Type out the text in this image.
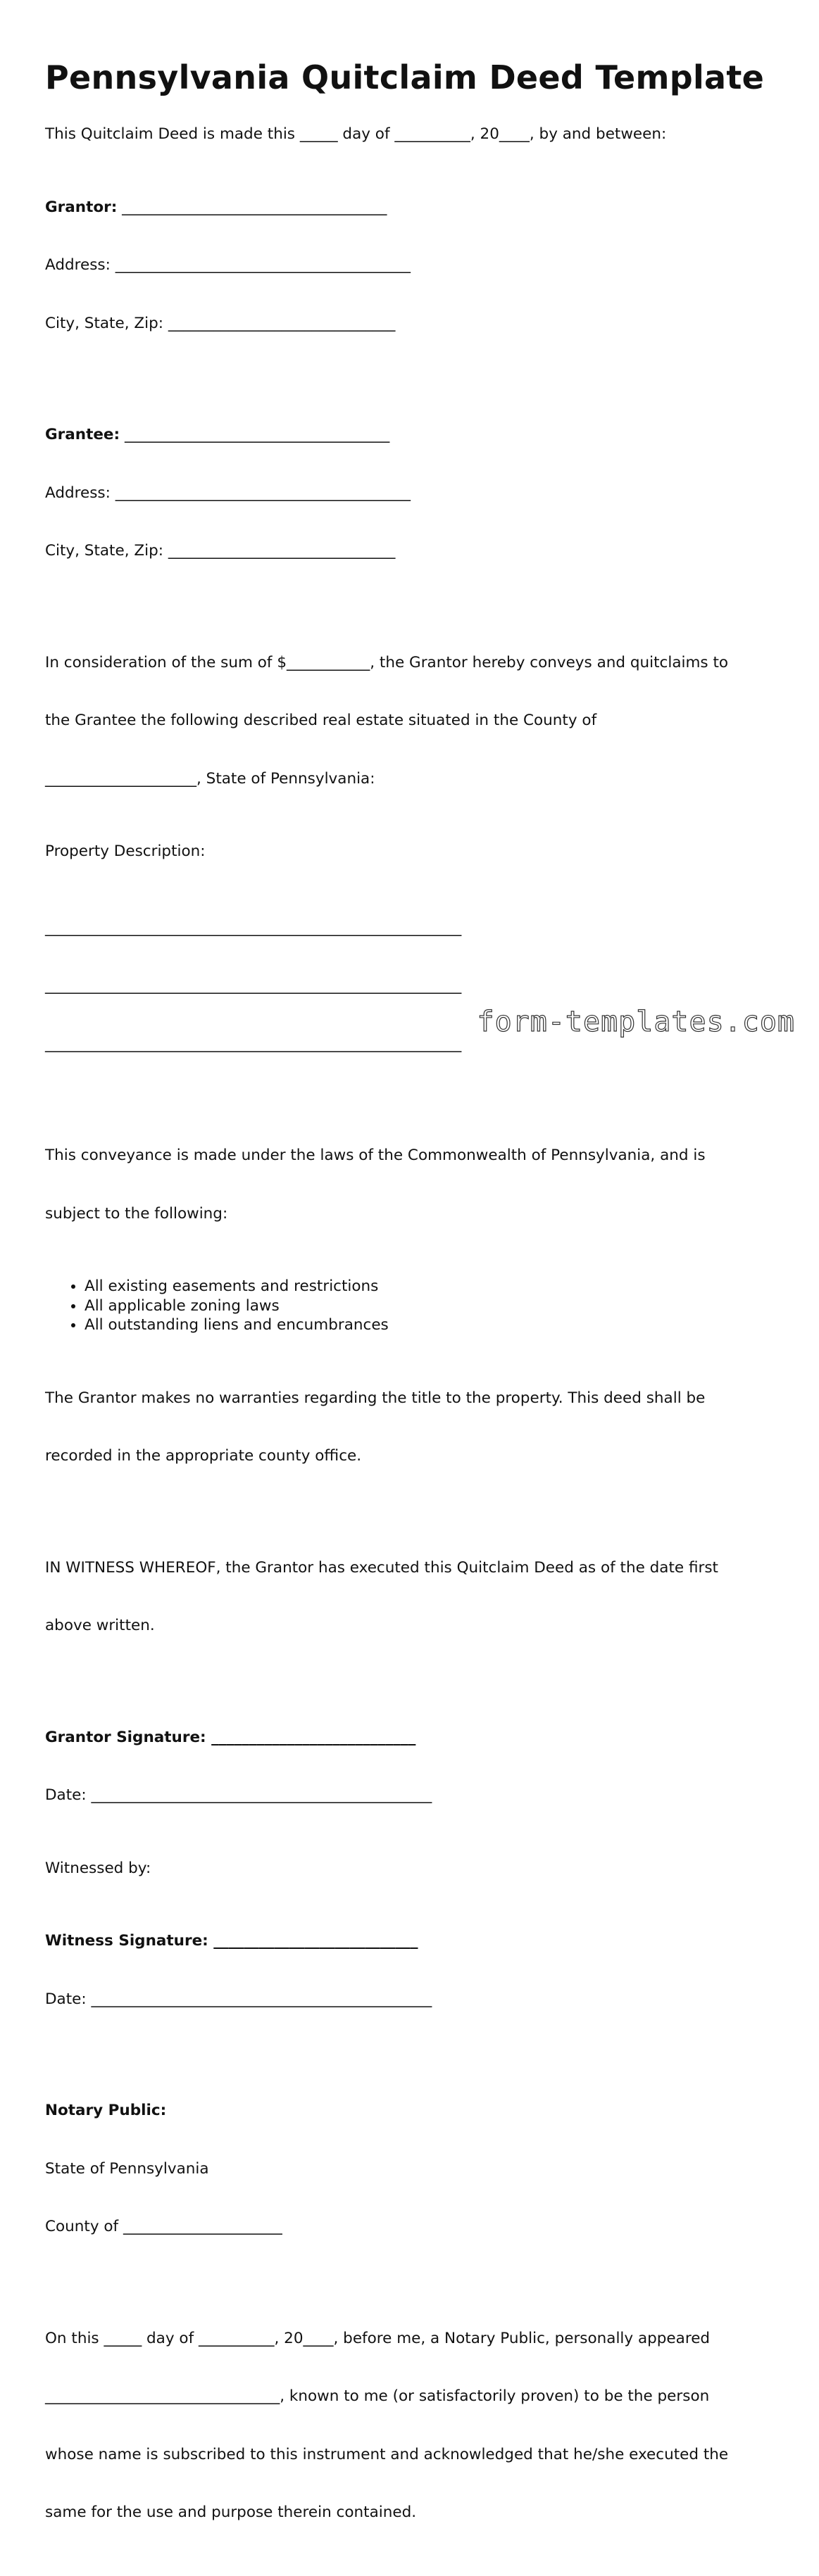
Pennsylvania Quitclaim Deed Template

This Quitclaim Deed is made this _____ day of __________, 20____, by and between:

Grantor: ___________________________________

Address: _______________________________________

City, State, Zip: ______________________________

Grantee: ___________________________________

Address: _______________________________________

City, State, Zip: ______________________________

In consideration of the sum of $___________, the Grantor hereby conveys and quitclaims to

the Grantee the following described real estate situated in the County of

____________________, State of Pennsylvania:

Property Description:

_______________________________________________________

_______________________________________________________

_______________________________________________________

This conveyance is made under the laws of the Commonwealth of Pennsylvania, and is

subject to the following:

• All existing easements and restrictions
• All applicable zoning laws
• All outstanding liens and encumbrances

The Grantor makes no warranties regarding the title to the property. This deed shall be

recorded in the appropriate county office.

IN WITNESS WHEREOF, the Grantor has executed this Quitclaim Deed as of the date first

above written.

Grantor Signature: ___________________________

Date: _____________________________________________

Witnessed by:

Witness Signature: ___________________________

Date: _____________________________________________

Notary Public:

State of Pennsylvania

County of _____________________

On this _____ day of __________, 20____, before me, a Notary Public, personally appeared

_______________________________, known to me (or satisfactorily proven) to be the person

whose name is subscribed to this instrument and acknowledged that he/she executed the

same for the use and purpose therein contained.

form-templates.com
